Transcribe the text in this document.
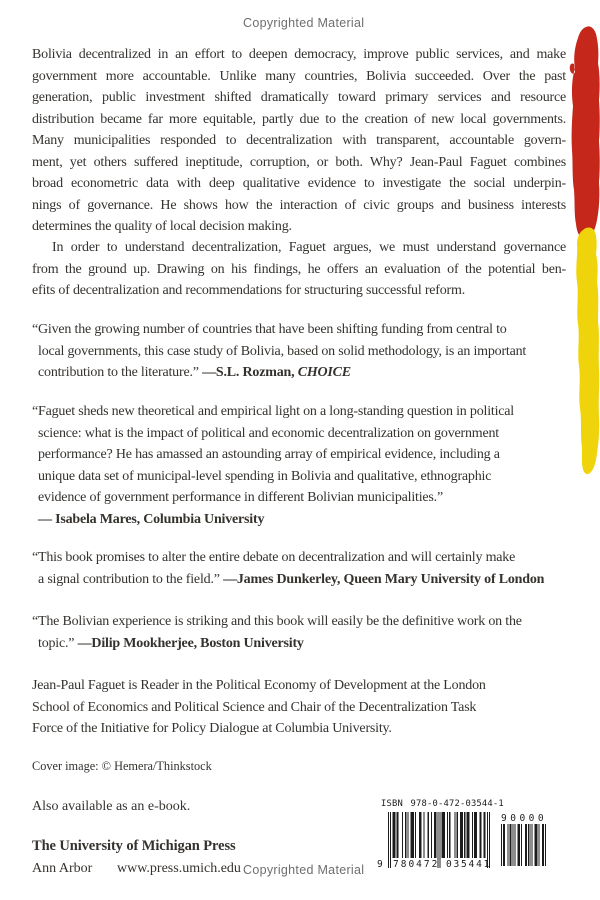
Copyrighted Material
Bolivia decentralized in an effort to deepen democracy, improve public services, and make
government more accountable. Unlike many countries, Bolivia succeeded. Over the past
generation, public investment shifted dramatically toward primary services and resource
distribution became far more equitable, partly due to the creation of new local governments.
Many municipalities responded to decentralization with transparent, accountable govern-
ment, yet others suffered ineptitude, corruption, or both. Why? Jean-Paul Faguet combines
broad econometric data with deep qualitative evidence to investigate the social underpin-
nings of governance. He shows how the interaction of civic groups and business interests
determines the quality of local decision making.
In order to understand decentralization, Faguet argues, we must understand governance
from the ground up. Drawing on his findings, he offers an evaluation of the potential ben-
efits of decentralization and recommendations for structuring successful reform.
“Given the growing number of countries that have been shifting funding from central to
local governments, this case study of Bolivia, based on solid methodology, is an important
contribution to the literature.” —S.L. Rozman, CHOICE
“Faguet sheds new theoretical and empirical light on a long-standing question in political
science: what is the impact of political and economic decentralization on government
performance? He has amassed an astounding array of empirical evidence, including a
unique data set of municipal-level spending in Bolivia and qualitative, ethnographic
evidence of government performance in different Bolivian municipalities.”
— Isabela Mares, Columbia University
“This book promises to alter the entire debate on decentralization and will certainly make
a signal contribution to the field.” —James Dunkerley, Queen Mary University of London
“The Bolivian experience is striking and this book will easily be the definitive work on the
topic.” —Dilip Mookherjee, Boston University
Jean-Paul Faguet is Reader in the Political Economy of Development at the London
School of Economics and Political Science and Chair of the Decentralization Task
Force of the Initiative for Policy Dialogue at Columbia University.
Cover image: © Hemera/Thinkstock
Also available as an e-book.
The University of Michigan Press
Ann Arbor www.press.umich.edu Copyrighted Material
ISBN 978-0-472-03544-1
9 780472 035441
90000
